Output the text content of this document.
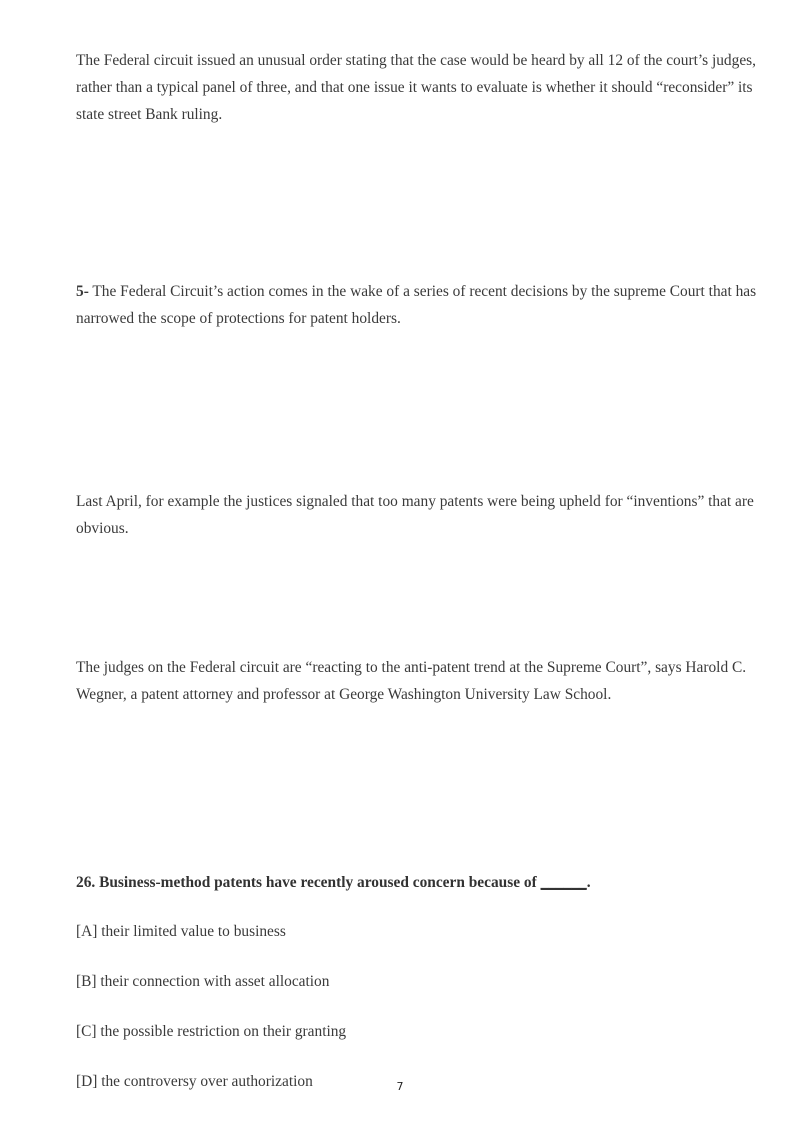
The Federal circuit issued an unusual order stating that the case would be heard by all 12 of the court’s judges, rather than a typical panel of three, and that one issue it wants to evaluate is whether it should “reconsider” its state street Bank ruling.

5- The Federal Circuit’s action comes in the wake of a series of recent decisions by the supreme Court that has narrowed the scope of protections for patent holders.

Last April, for example the justices signaled that too many patents were being upheld for “inventions” that are obvious.

The judges on the Federal circuit are “reacting to the anti-patent trend at the Supreme Court”, says Harold C. Wegner, a patent attorney and professor at George Washington University Law School.

26. Business-method patents have recently aroused concern because of ______.

[A] their limited value to business

[B] their connection with asset allocation

[C] the possible restriction on their granting

[D] the controversy over authorization	7
